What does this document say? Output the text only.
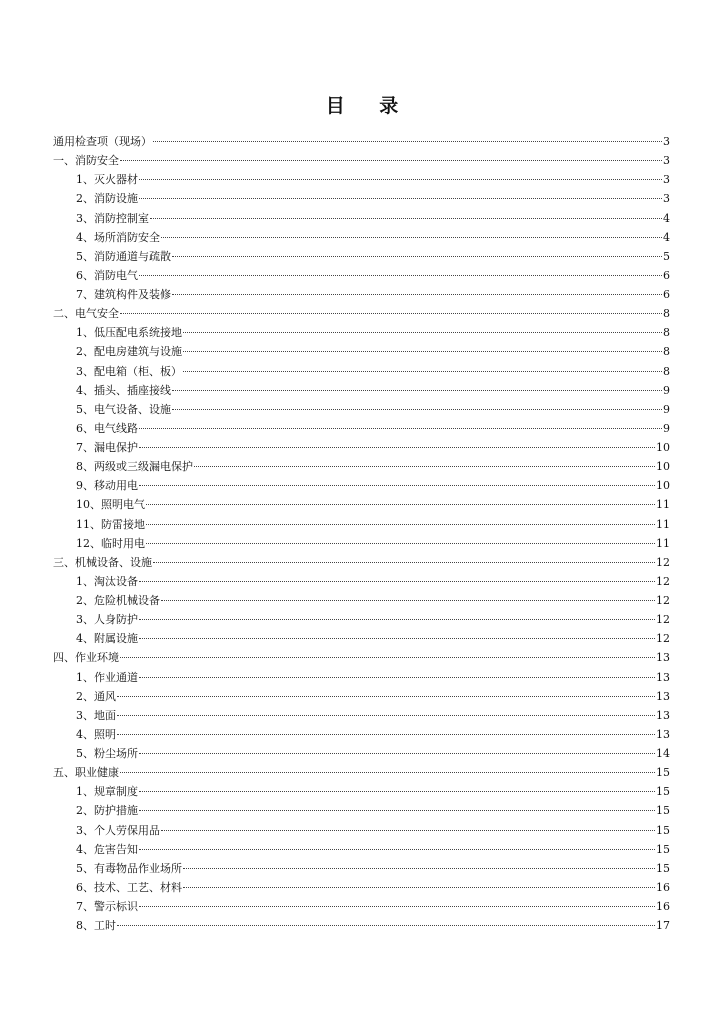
目 录
通用检查项（现场）	3
一、消防安全	3
1、灭火器材	3
2、消防设施	3
3、消防控制室	4
4、场所消防安全	4
5、消防通道与疏散	5
6、消防电气	6
7、建筑构件及装修	6
二、电气安全	8
1、低压配电系统接地	8
2、配电房建筑与设施	8
3、配电箱（柜、板）	8
4、插头、插座接线	9
5、电气设备、设施	9
6、电气线路	9
7、漏电保护	10
8、两级或三级漏电保护	10
9、移动用电	10
10、照明电气	11
11、防雷接地	11
12、临时用电	11
三、机械设备、设施	12
1、淘汰设备	12
2、危险机械设备	12
3、人身防护	12
4、附属设施	12
四、作业环境	13
1、作业通道	13
2、通风	13
3、地面	13
4、照明	13
5、粉尘场所	14
五、职业健康	15
1、规章制度	15
2、防护措施	15
3、个人劳保用品	15
4、危害告知	15
5、有毒物品作业场所	15
6、技术、工艺、材料	16
7、警示标识	16
8、工时	17
